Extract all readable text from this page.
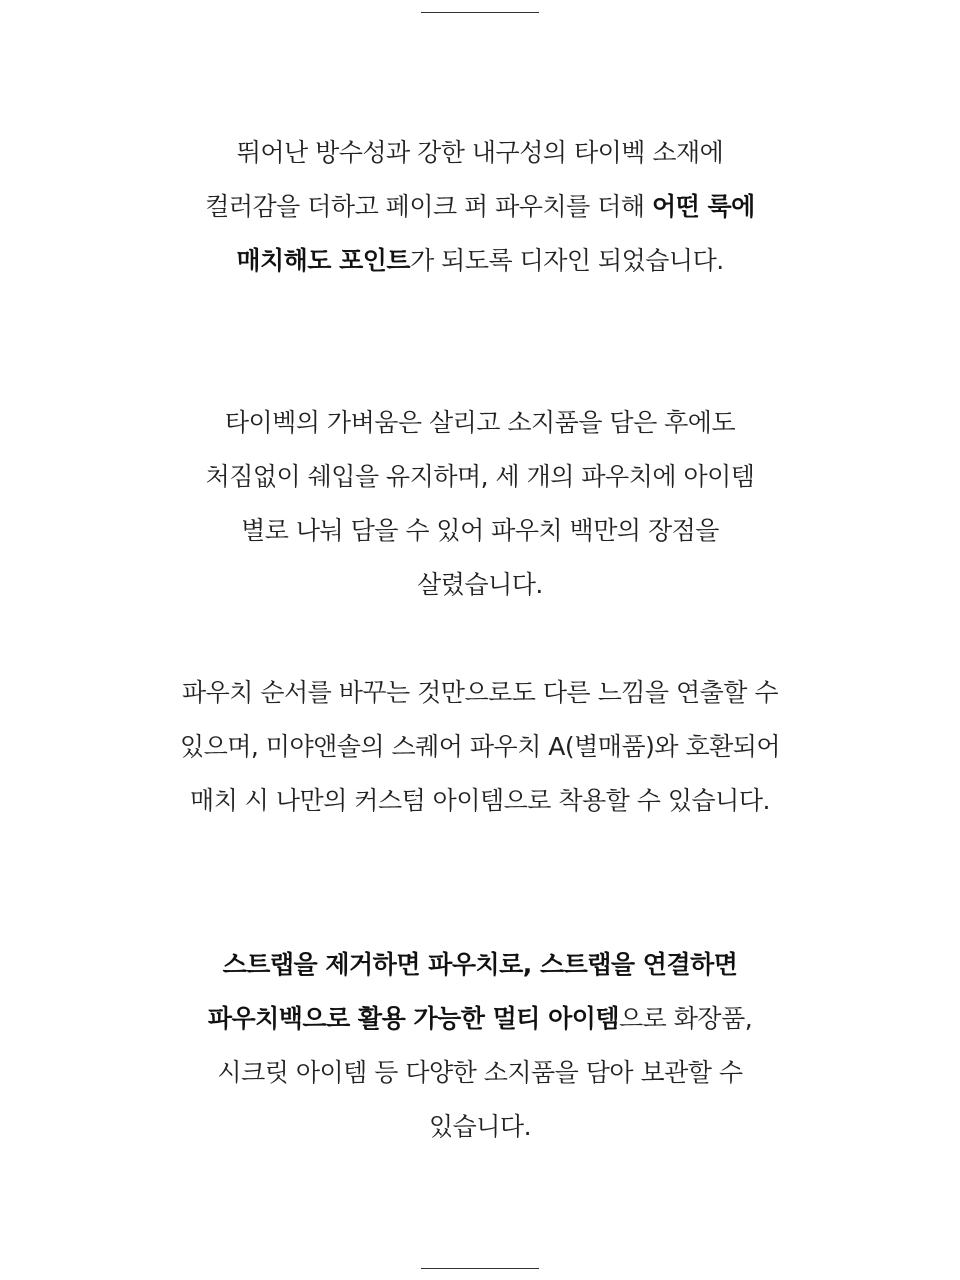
뛰어난 방수성과 강한 내구성의 타이벡 소재에
컬러감을 더하고 페이크 퍼 파우치를 더해 어떤 룩에
매치해도 포인트가 되도록 디자인 되었습니다.
타이벡의 가벼움은 살리고 소지품을 담은 후에도
처짐없이 쉐입을 유지하며, 세 개의 파우치에 아이템
별로 나눠 담을 수 있어 파우치 백만의 장점을
살렸습니다.
파우치 순서를 바꾸는 것만으로도 다른 느낌을 연출할 수
있으며, 미야앤솔의 스퀘어 파우치 A(별매품)와 호환되어
매치 시 나만의 커스텀 아이템으로 착용할 수 있습니다.
스트랩을 제거하면 파우치로, 스트랩을 연결하면
파우치백으로 활용 가능한 멀티 아이템으로 화장품,
시크릿 아이템 등 다양한 소지품을 담아 보관할 수
있습니다.
